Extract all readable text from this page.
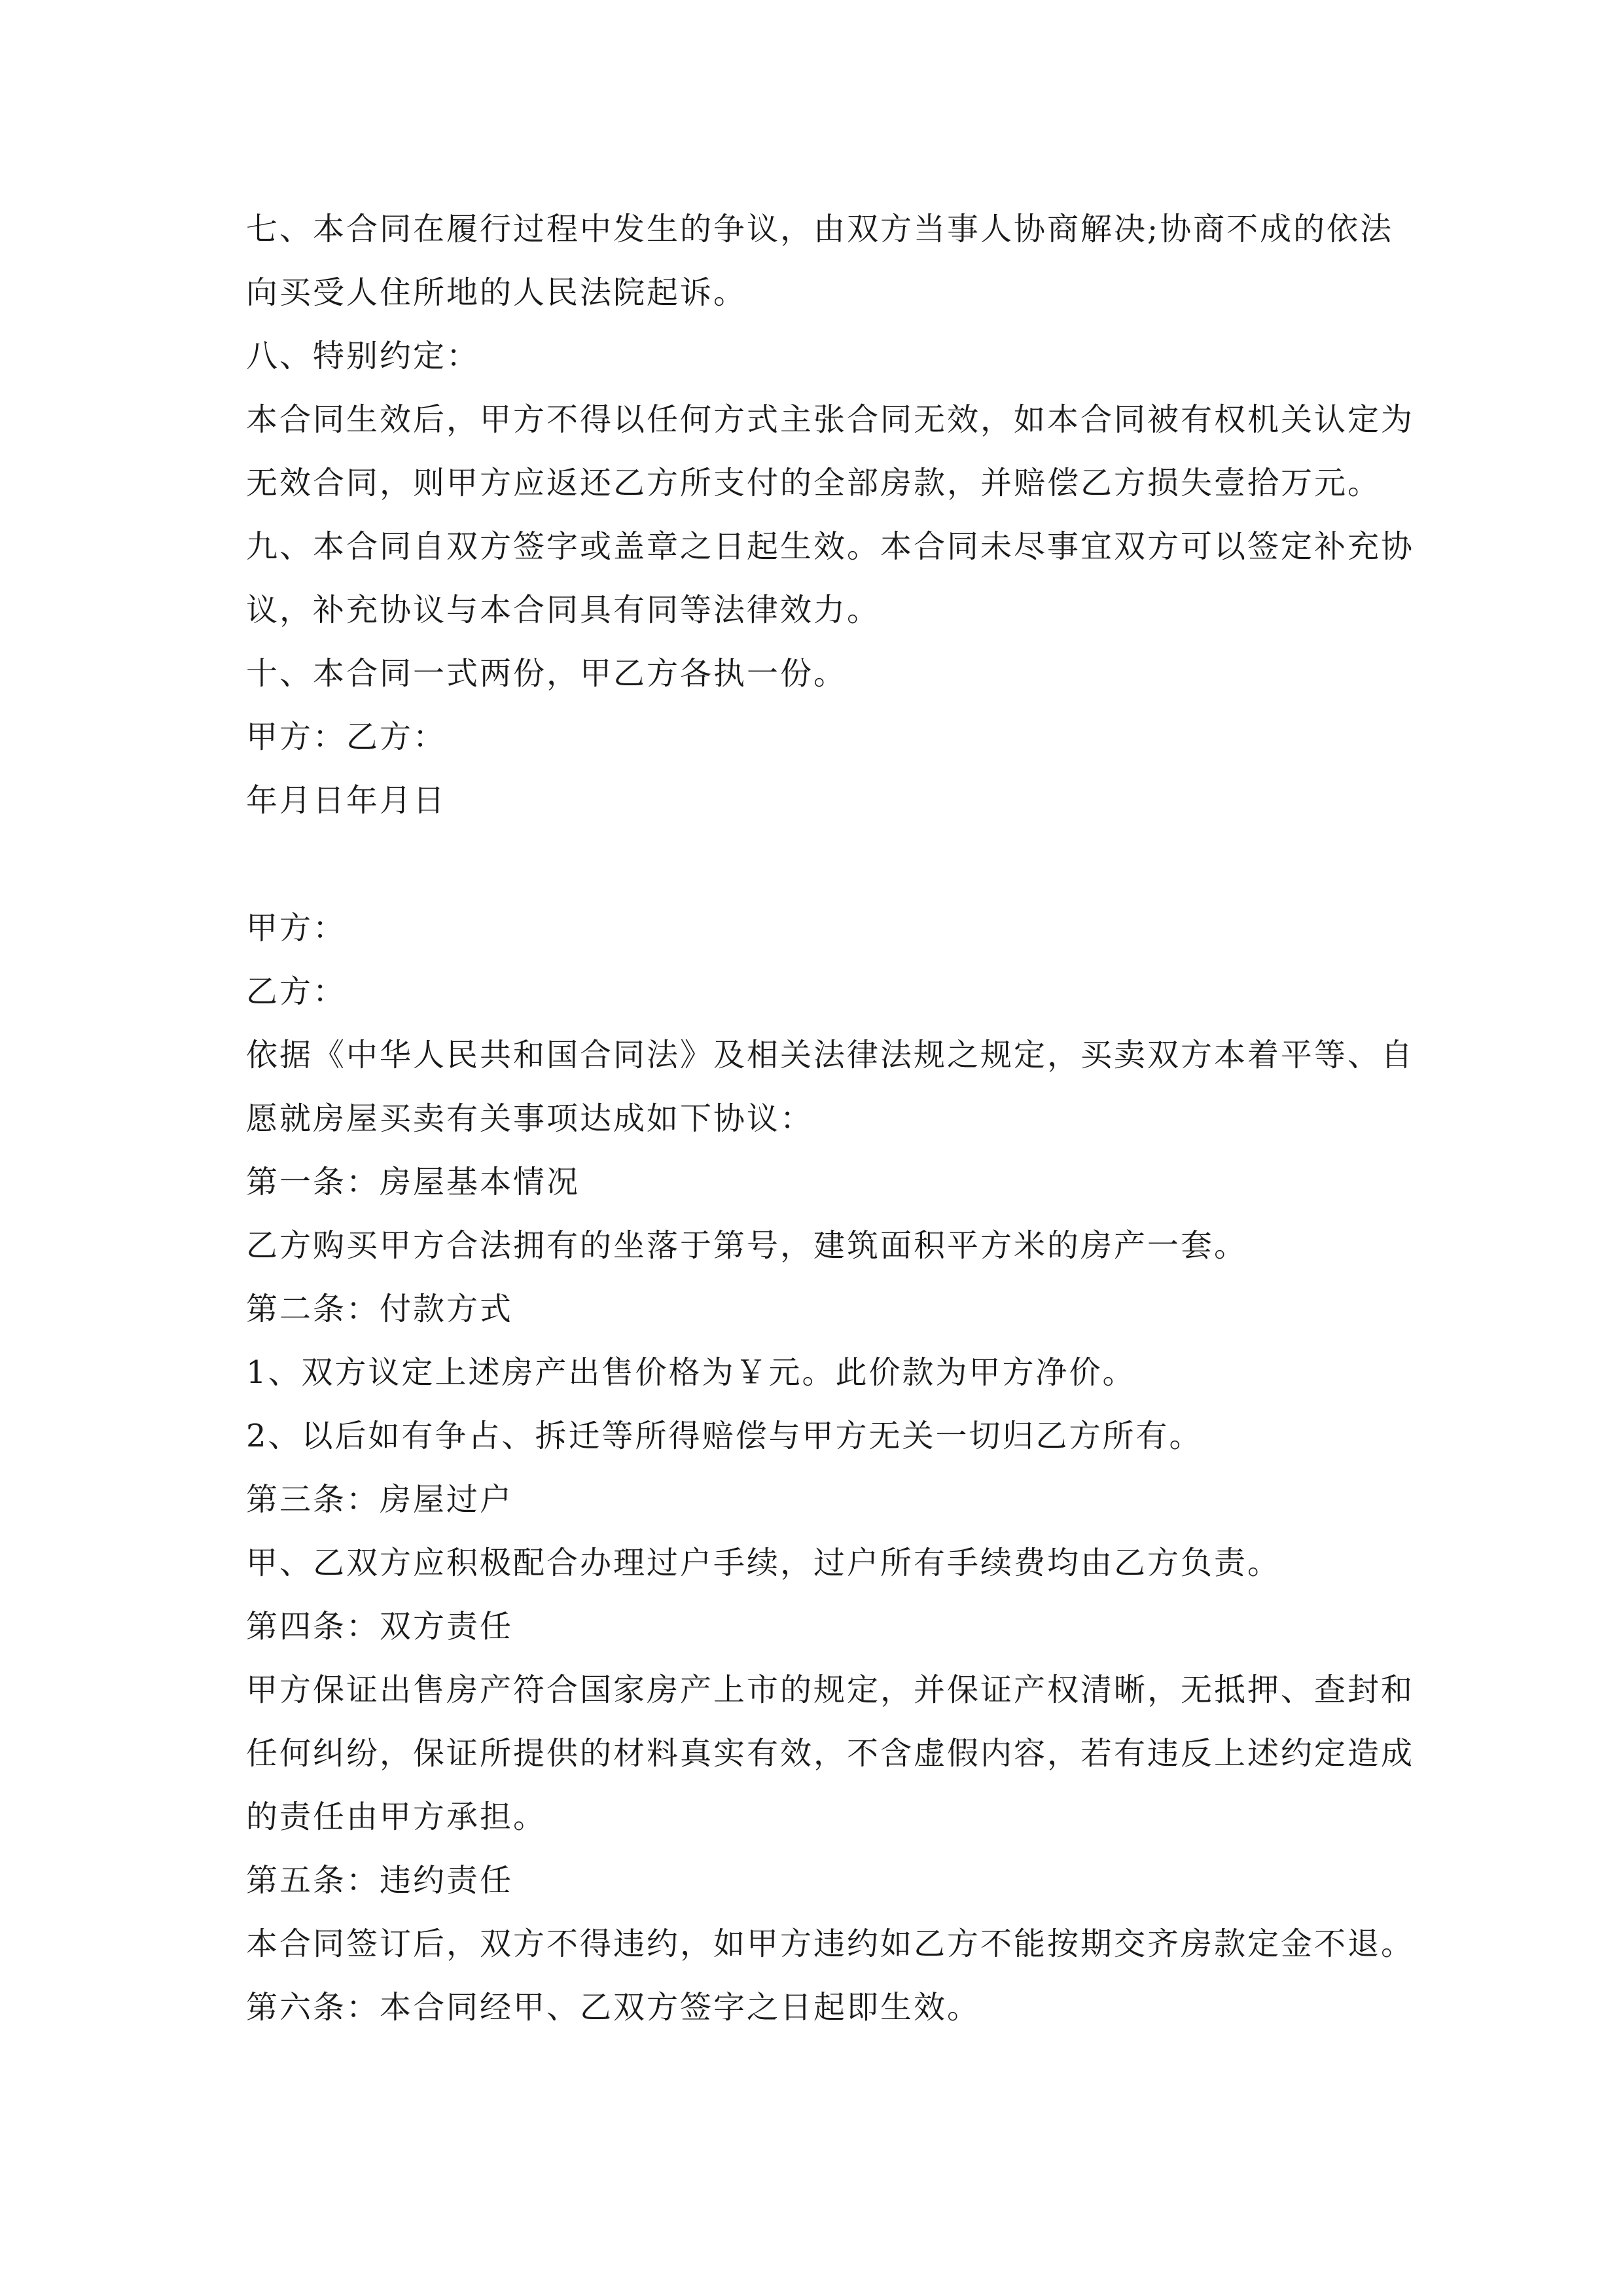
七、本合同在履行过程中发生的争议，由双方当事人协商解决;协商不成的依法

向买受人住所地的人民法院起诉。

八、特别约定：

本合同生效后，甲方不得以任何方式主张合同无效，如本合同被有权机关认定为

无效合同，则甲方应返还乙方所支付的全部房款，并赔偿乙方损失壹拾万元。

九、本合同自双方签字或盖章之日起生效。本合同未尽事宜双方可以签定补充协

议，补充协议与本合同具有同等法律效力。

十、本合同一式两份，甲乙方各执一份。

甲方：乙方：

年月日年月日

甲方：

乙方：

依据《中华人民共和国合同法》及相关法律法规之规定，买卖双方本着平等、自

愿就房屋买卖有关事项达成如下协议：

第一条：房屋基本情况

乙方购买甲方合法拥有的坐落于第号，建筑面积平方米的房产一套。

第二条：付款方式

1、双方议定上述房产出售价格为￥元。此价款为甲方净价。

2、以后如有争占、拆迁等所得赔偿与甲方无关一切归乙方所有。

第三条：房屋过户

甲、乙双方应积极配合办理过户手续，过户所有手续费均由乙方负责。

第四条：双方责任

甲方保证出售房产符合国家房产上市的规定，并保证产权清晰，无抵押、查封和

任何纠纷，保证所提供的材料真实有效，不含虚假内容，若有违反上述约定造成

的责任由甲方承担。

第五条：违约责任

本合同签订后，双方不得违约，如甲方违约如乙方不能按期交齐房款定金不退。

第六条：本合同经甲、乙双方签字之日起即生效。
